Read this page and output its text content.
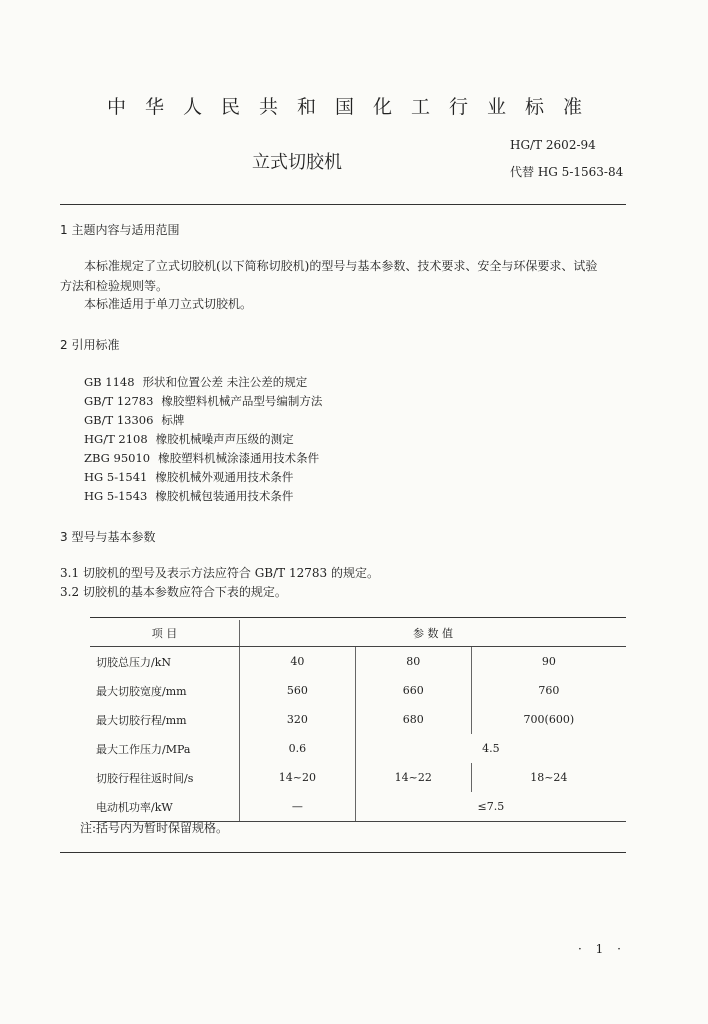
中华人民共和国化工行业标准
立式切胶机
HG/T 2602-94
代替 HG 5-1563-84
1 主题内容与适用范围
本标准规定了立式切胶机(以下简称切胶机)的型号与基本参数、技术要求、安全与环保要求、试验
方法和检验规则等。
本标准适用于单刀立式切胶机。
2 引用标准
GB 1148 形状和位置公差 未注公差的规定
GB/T 12783 橡胶塑料机械产品型号编制方法
GB/T 13306 标牌
HG/T 2108 橡胶机械噪声声压级的测定
ZBG 95010 橡胶塑料机械涂漆通用技术条件
HG 5-1541 橡胶机械外观通用技术条件
HG 5-1543 橡胶机械包装通用技术条件
3 型号与基本参数
3.1 切胶机的型号及表示方法应符合 GB/T 12783 的规定。
3.2 切胶机的基本参数应符合下表的规定。
项 目	参 数 值		
切胶总压力/kN	40	80	90
最大切胶宽度/mm	560	660	760
最大切胶行程/mm	320	680	700(600)
最大工作压力/MPa	0.6	4.5	
切胶行程往返时间/s	14~20	14~22	18~24
电动机功率/kW	—	≤7.5	
注:括号内为暂时保留规格。
· 1 ·
